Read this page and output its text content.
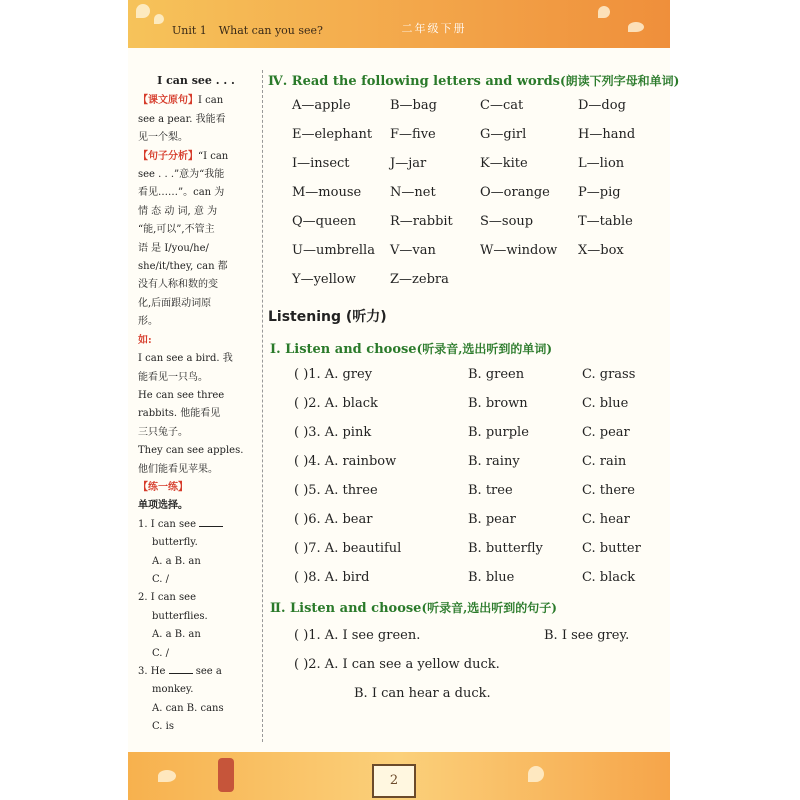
Unit 1 What can you see?	二年级下册
2
I can see . . .

【课文原句】I can
see a pear. 我能看
见一个梨。
【句子分析】“I can
see . . .”意为“我能
看见……”。can 为
情 态 动 词, 意 为
“能,可以”,不管主
语 是 I/you/he/
she/it/they, can 都
没有人称和数的变
化,后面跟动词原
形。
如:
I can see a bird. 我
能看见一只鸟。
He can see three
rabbits. 他能看见
三只兔子。
They can see apples.
他们能看见苹果。
【练一练】

单项选择。

1. I can see

butterfly.

A. a B. an

C. /

2. I can see

butterflies.

A. a B. an

C. /

3. He	see a

monkey.

A. can B. cans

C. is

Ⅳ. Read the following letters and words(朗读下列字母和单词)
A—apple	B—bag	C—cat	D—dog
E—elephant F—five	G—girl	H—hand
I—insect	J—jar	K—kite	L—lion
M—mouse N—net	O—orange P—pig
Q—queen	R—rabbit S—soup	T—table
U—umbrella V—van	W—window X—box
Y—yellow	Z—zebra
Listening (听力)
Ⅰ. Listen and choose(听录音,选出听到的单词)
( )1. A. grey	B. green	C. grass
( )2. A. black	B. brown	C. blue
( )3. A. pink	B. purple	C. pear
( )4. A. rainbow	B. rainy	C. rain
( )5. A. three	B. tree	C. there
( )6. A. bear	B. pear	C. hear
( )7. A. beautiful	B. butterfly	C. butter
( )8. A. bird	B. blue	C. black
Ⅱ. Listen and choose(听录音,选出听到的句子)
( )1. A. I see green.	B. I see grey.
( )2. A. I can see a yellow duck.
B. I can hear a duck.
